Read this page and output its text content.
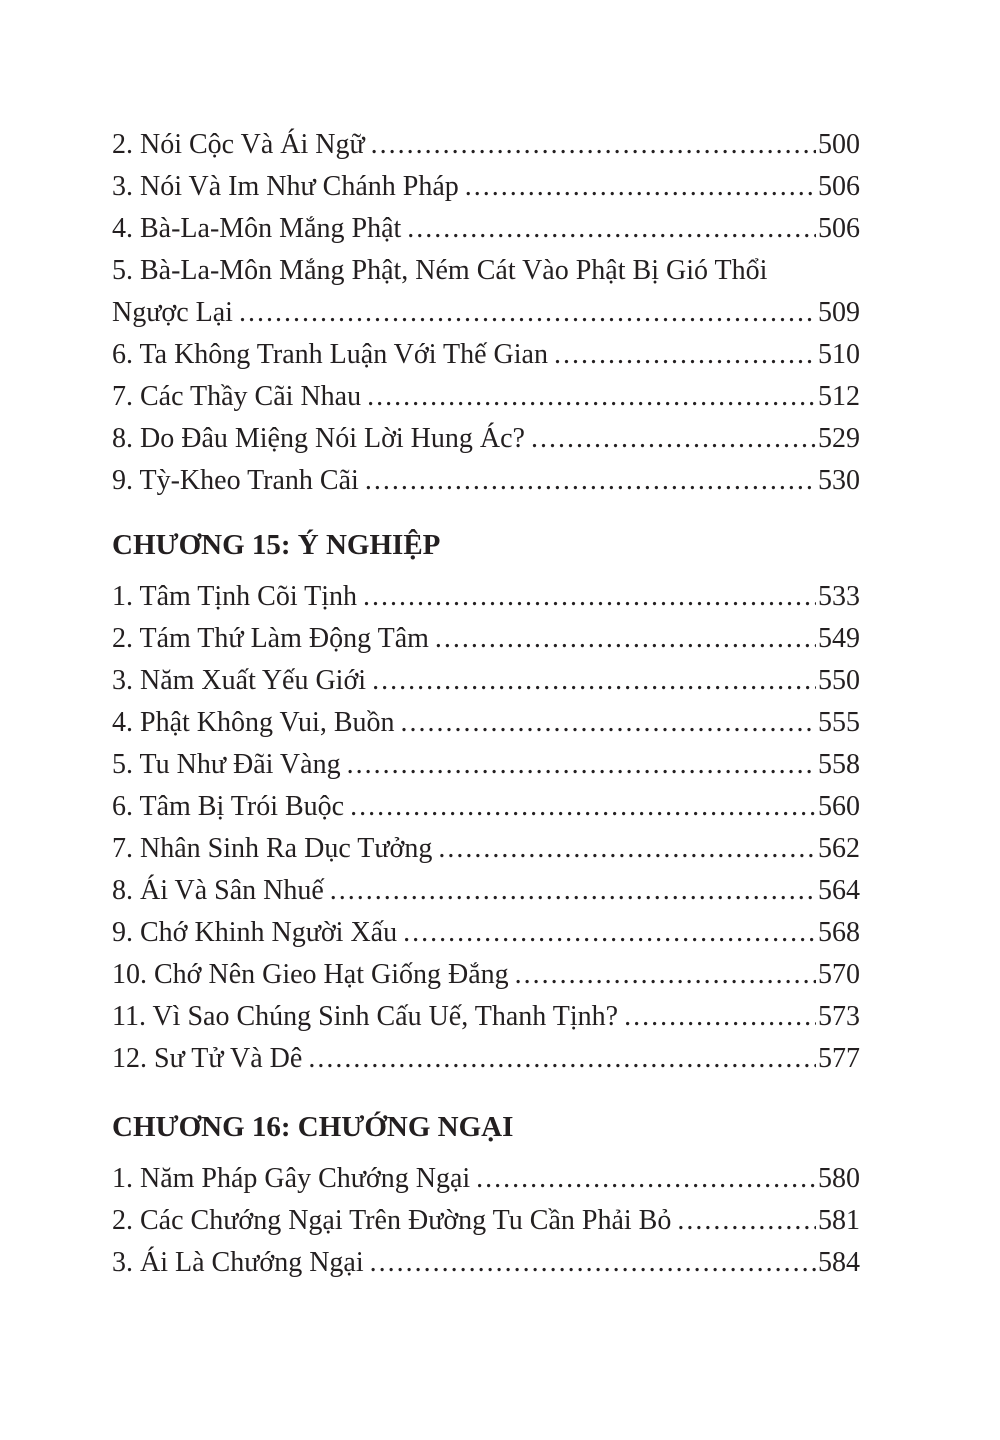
2. Nói Cộc Và Ái Ngữ .....	500
3. Nói Và Im Như Chánh Pháp .....	506
4. Bà-La-Môn Mắng Phật .....	506
5. Bà-La-Môn Mắng Phật, Ném Cát Vào Phật Bị Gió Thổi
Ngược Lại .....	509
6. Ta Không Tranh Luận Với Thế Gian .....	510
7. Các Thầy Cãi Nhau .....	512
8. Do Đâu Miệng Nói Lời Hung Ác? .....	529
9. Tỳ-Kheo Tranh Cãi .....	530
CHƯƠNG 15: Ý NGHIỆP
1. Tâm Tịnh Cõi Tịnh .....	533
2. Tám Thứ Làm Động Tâm .....	549
3. Năm Xuất Yếu Giới .....	550
4. Phật Không Vui, Buồn .....	555
5. Tu Như Đãi Vàng .....	558
6. Tâm Bị Trói Buộc .....	560
7. Nhân Sinh Ra Dục Tưởng .....	562
8. Ái Và Sân Nhuế .....	564
9. Chớ Khinh Người Xấu .....	568
10. Chớ Nên Gieo Hạt Giống Đắng .....	570
11. Vì Sao Chúng Sinh Cấu Uế, Thanh Tịnh? .....	573
12. Sư Tử Và Dê .....	577
CHƯƠNG 16: CHƯỚNG NGẠI
1. Năm Pháp Gây Chướng Ngại .....	580
2. Các Chướng Ngại Trên Đường Tu Cần Phải Bỏ .....	581
3. Ái Là Chướng Ngại .....	584
